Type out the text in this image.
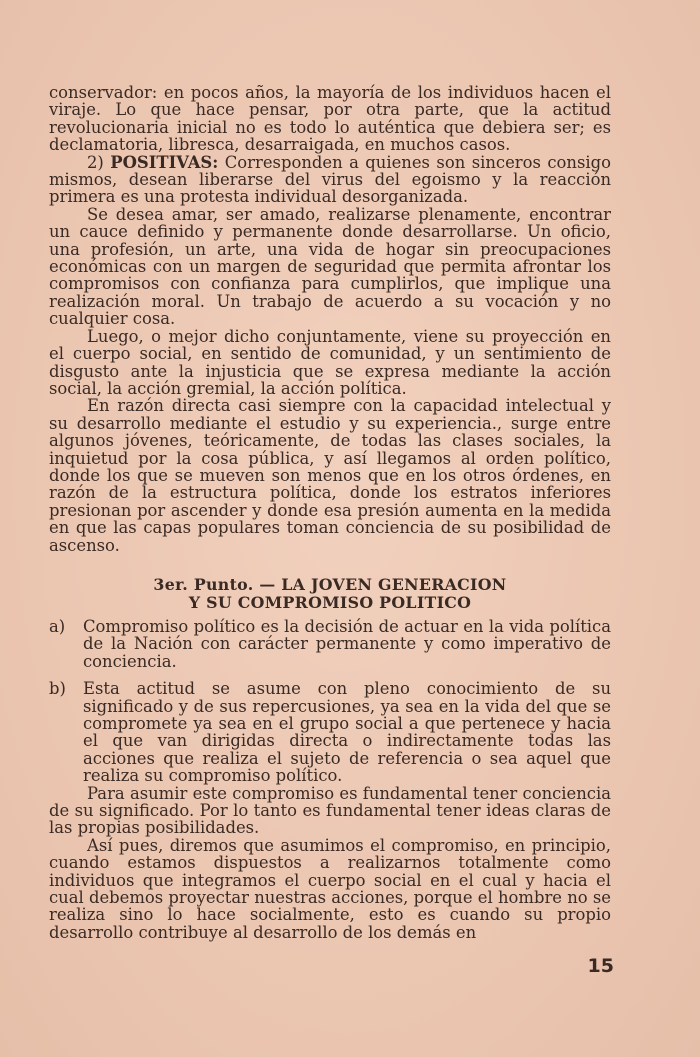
conservador: en pocos años, la mayoría de los individuos hacen el viraje. Lo que hace pensar, por otra parte, que la actitud revolucionaria inicial no es todo lo auténtica que debiera ser; es declamatoria, libresca, desarraigada, en muchos casos.

2) POSITIVAS: Corresponden a quienes son sinceros consigo mismos, desean liberarse del virus del egoismo y la reacción primera es una protesta individual desorganizada.

Se desea amar, ser amado, realizarse plenamente, encontrar un cauce definido y permanente donde desarrollarse. Un oficio, una profesión, un arte, una vida de hogar sin preocupaciones económicas con un margen de seguridad que permita afrontar los compromisos con confianza para cumplirlos, que implique una realización moral. Un trabajo de acuerdo a su vocación y no cualquier cosa.

Luego, o mejor dicho conjuntamente, viene su proyección en el cuerpo social, en sentido de comunidad, y un sentimiento de disgusto ante la injusticia que se expresa mediante la acción social, la acción gremial, la acción política.

En razón directa casi siempre con la capacidad intelectual y su desarrollo mediante el estudio y su experiencia., surge entre algunos jóvenes, teóricamente, de todas las clases sociales, la inquietud por la cosa pública, y así llegamos al orden político, donde los que se mueven son menos que en los otros órdenes, en razón de la estructura política, donde los estratos inferiores presionan por ascender y donde esa presión aumenta en la medida en que las capas populares toman conciencia de su posibilidad de ascenso.

3er. Punto. — LA JOVEN GENERACION
Y SU COMPROMISO POLITICO
a)	Compromiso político es la decisión de actuar en la vida política de la Nación con carácter permanente y como imperativo de conciencia.
b)	Esta actitud se asume con pleno conocimiento de su significado y de sus repercusiones, ya sea en la vida del que se compromete ya sea en el grupo social a que pertenece y hacia el que van dirigidas directa o indirectamente todas las acciones que realiza el sujeto de referencia o sea aquel que realiza su compromiso político.

Para asumir este compromiso es fundamental tener conciencia de su significado. Por lo tanto es fundamental tener ideas claras de las propias posibilidades.

Así pues, diremos que asumimos el compromiso, en principio, cuando estamos dispuestos a realizarnos totalmente como individuos que integramos el cuerpo social en el cual y hacia el cual debemos proyectar nuestras acciones, porque el hombre no se realiza sino lo hace socialmente, esto es cuando su propio desarrollo contribuye al desarrollo de los demás en

15
